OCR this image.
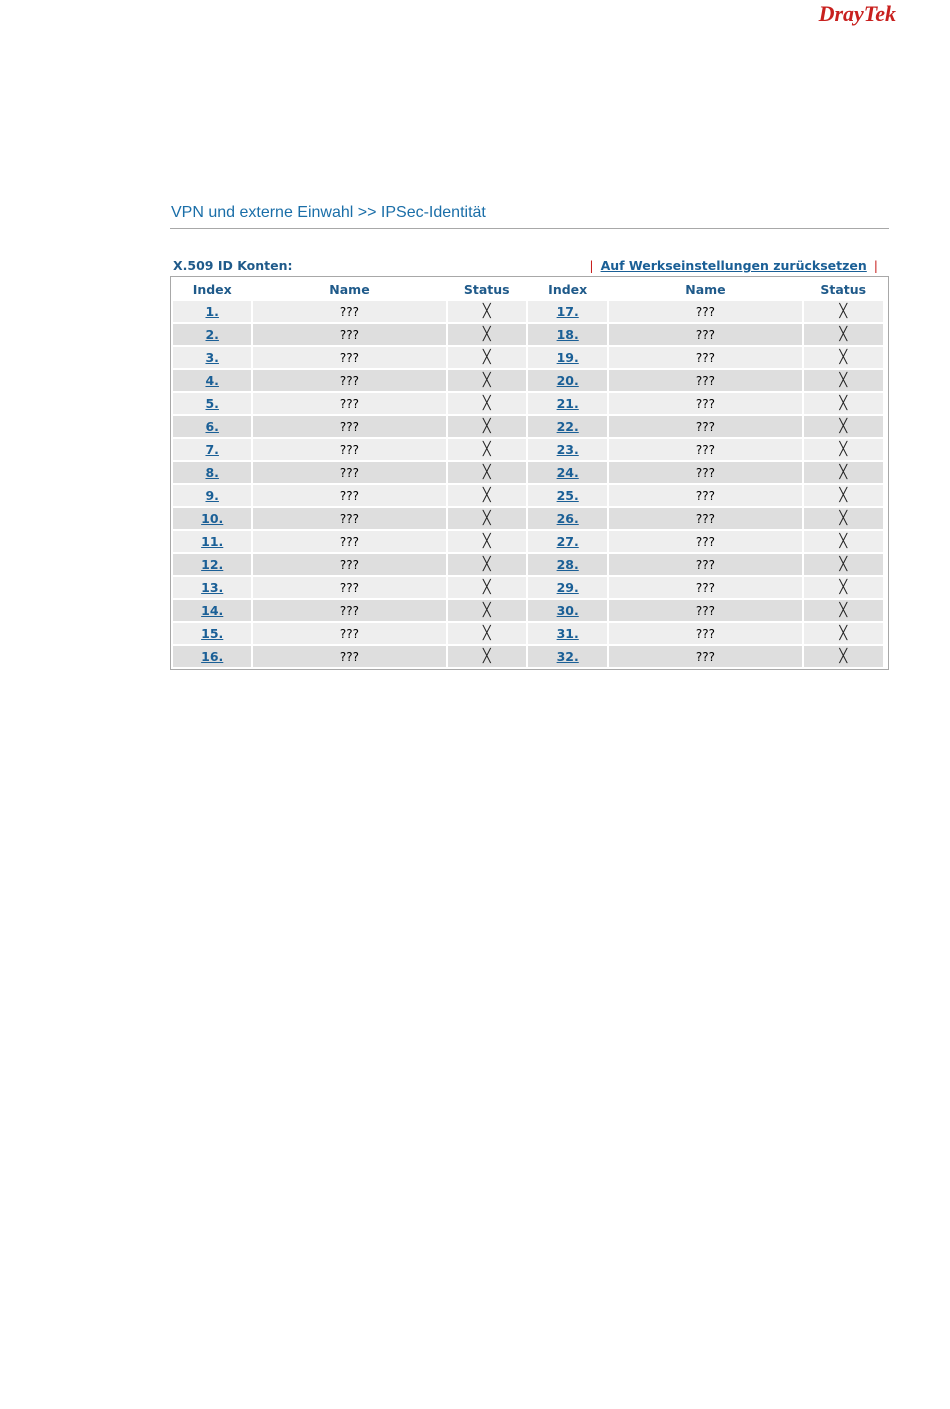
DrayTek
VPN und externe Einwahl >> IPSec-Identität
X.509 ID Konten:	| Auf Werkseinstellungen zurücksetzen |
Index	Name	Status	Index	Name	Status
1.	???	╳	17.	???	╳
2.	???	╳	18.	???	╳
3.	???	╳	19.	???	╳
4.	???	╳	20.	???	╳
5.	???	╳	21.	???	╳
6.	???	╳	22.	???	╳
7.	???	╳	23.	???	╳
8.	???	╳	24.	???	╳
9.	???	╳	25.	???	╳
10.	???	╳	26.	???	╳
11.	???	╳	27.	???	╳
12.	???	╳	28.	???	╳
13.	???	╳	29.	???	╳
14.	???	╳	30.	???	╳
15.	???	╳	31.	???	╳
16.	???	╳	32.	???	╳
